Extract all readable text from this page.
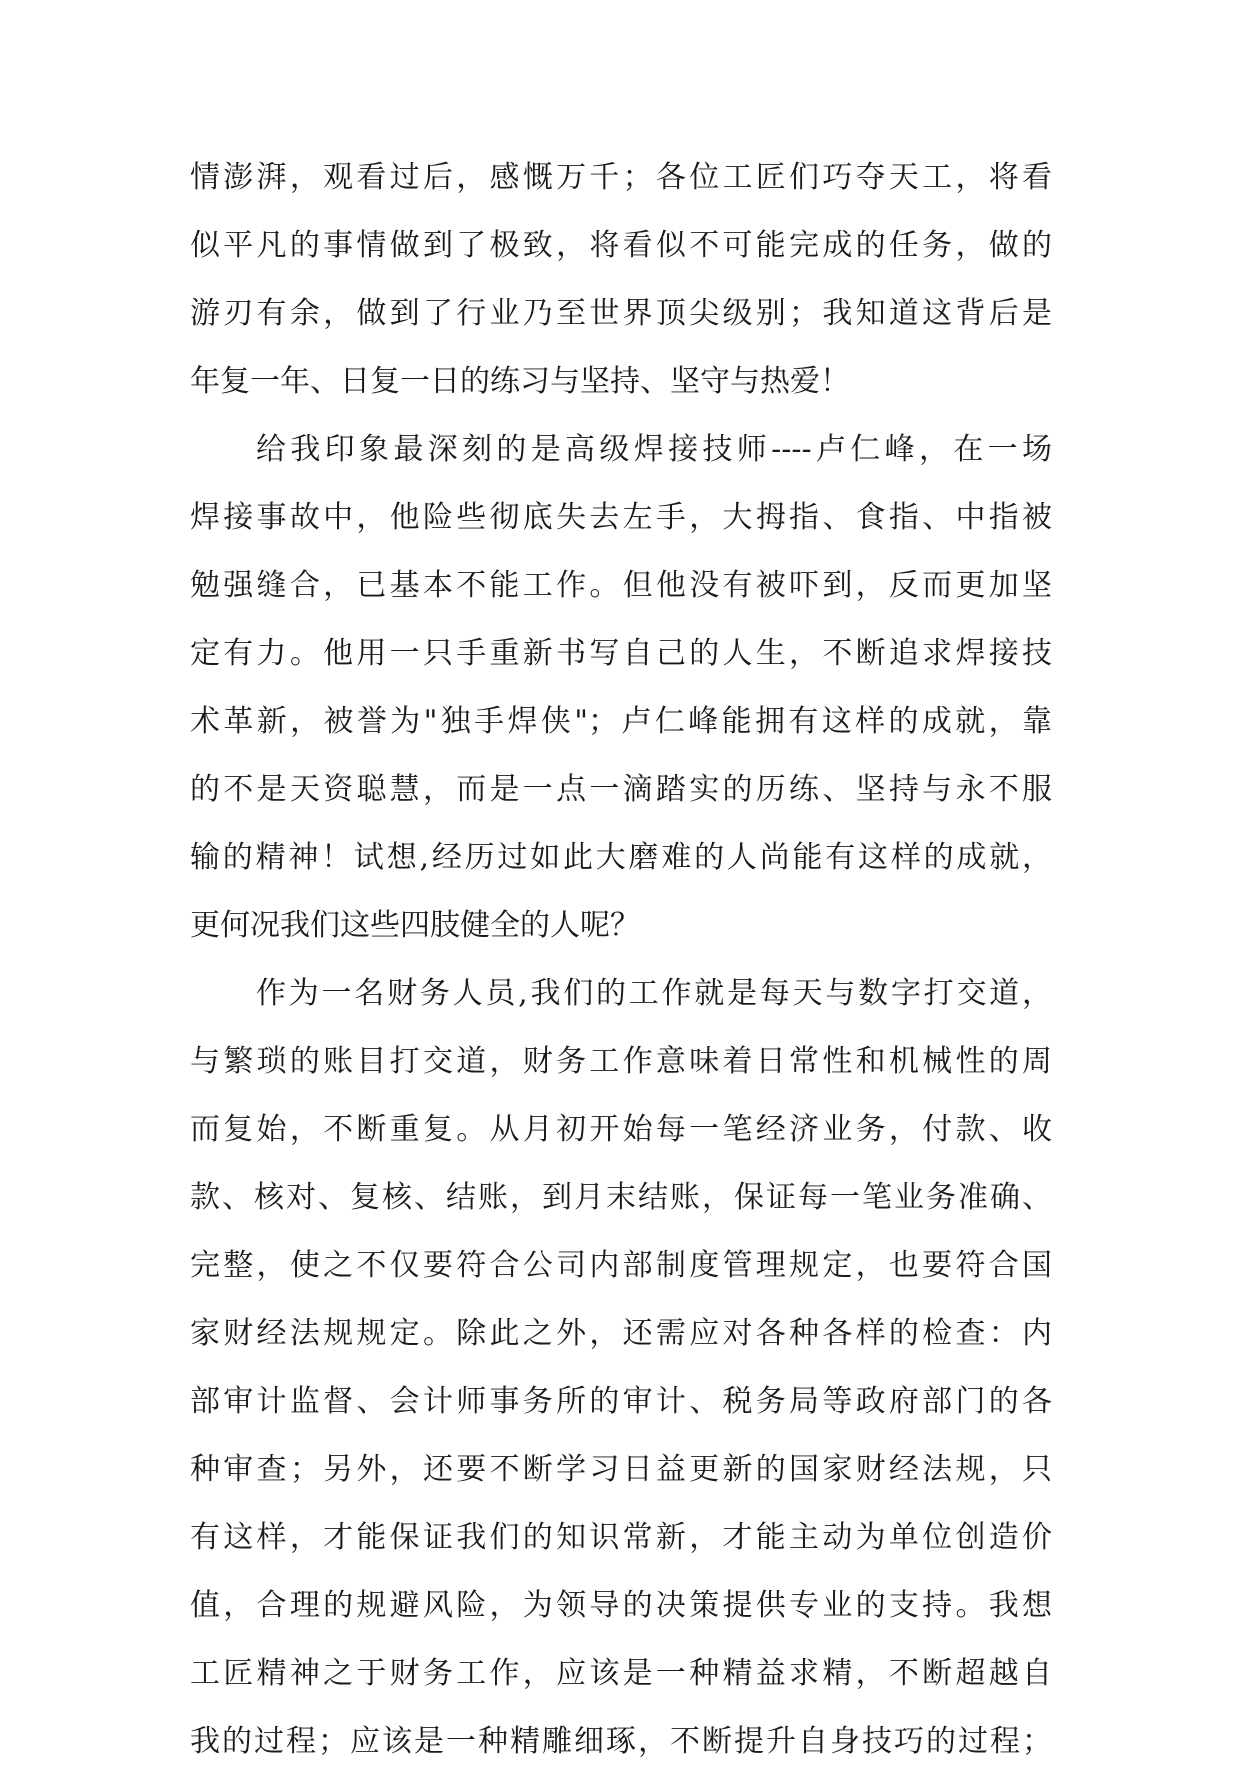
情澎湃，观看过后，感慨万千；各位工匠们巧夺天工，将看
似平凡的事情做到了极致，将看似不可能完成的任务，做的
游刃有余，做到了行业乃至世界顶尖级别；我知道这背后是
年复一年、日复一日的练习与坚持、坚守与热爱！
给我印象最深刻的是高级焊接技师----卢仁峰，在一场
焊接事故中，他险些彻底失去左手，大拇指、食指、中指被
勉强缝合，已基本不能工作。但他没有被吓到，反而更加坚
定有力。他用一只手重新书写自己的人生，不断追求焊接技
术革新，被誉为"独手焊侠"；卢仁峰能拥有这样的成就，靠
的不是天资聪慧，而是一点一滴踏实的历练、坚持与永不服
输的精神！试想,经历过如此大磨难的人尚能有这样的成就，
更何况我们这些四肢健全的人呢？
作为一名财务人员,我们的工作就是每天与数字打交道，
与繁琐的账目打交道，财务工作意味着日常性和机械性的周
而复始，不断重复。从月初开始每一笔经济业务，付款、收
款、核对、复核、结账，到月末结账，保证每一笔业务准确、
完整，使之不仅要符合公司内部制度管理规定，也要符合国
家财经法规规定。除此之外，还需应对各种各样的检查：内
部审计监督、会计师事务所的审计、税务局等政府部门的各
种审查；另外，还要不断学习日益更新的国家财经法规，只
有这样，才能保证我们的知识常新，才能主动为单位创造价
值，合理的规避风险，为领导的决策提供专业的支持。我想
工匠精神之于财务工作，应该是一种精益求精，不断超越自
我的过程；应该是一种精雕细琢，不断提升自身技巧的过程；
